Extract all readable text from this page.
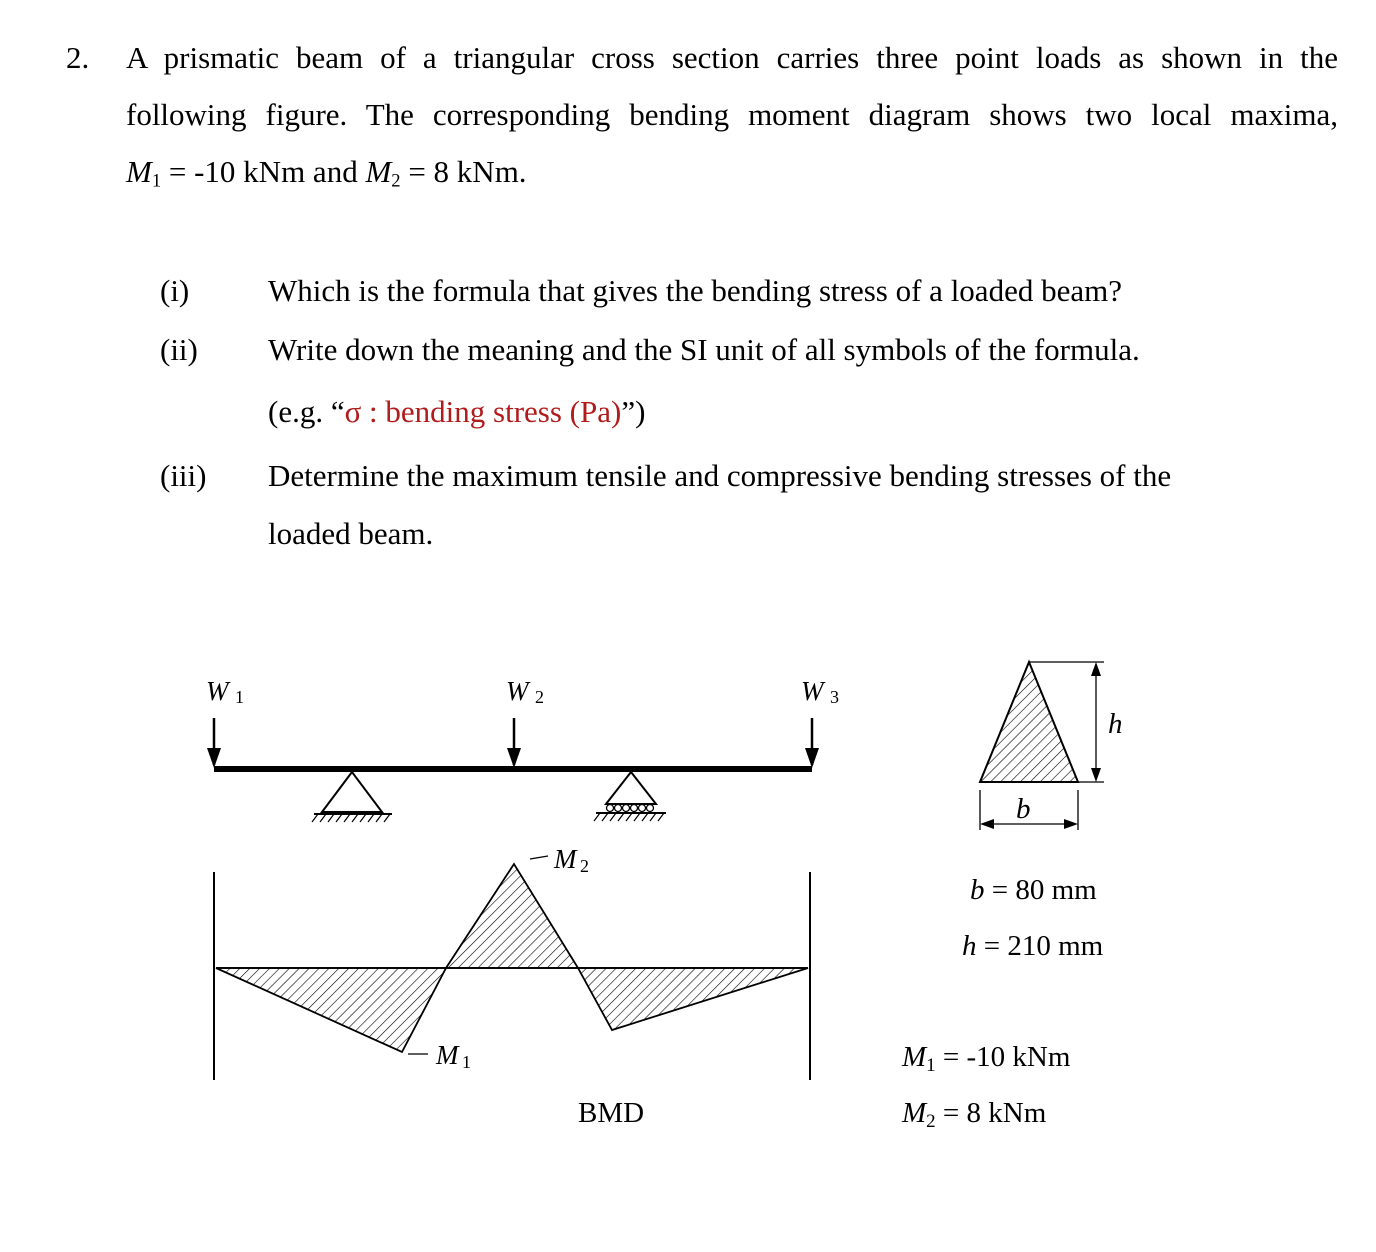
2. A prismatic beam of a triangular cross section carries three point loads as shown in the
following figure. The corresponding bending moment diagram shows two local maxima,
$M_1 = -10$ kNm and $M_2 = 8$ kNm.
(i)	Which is the formula that gives the bending stress of a loaded beam?
(ii) Write down the meaning and the SI unit of all symbols of the formula.
(e.g. “σ : bending stress (Pa)”)
(iii) Determine the maximum tensile and compressive bending stresses of the
loaded beam.
W 1	W 2	W 3
M 2
M 1
BMD
h
b
b = 80 mm
h = 210 mm
M1 = -10 kNm
M2 = 8 kNm
